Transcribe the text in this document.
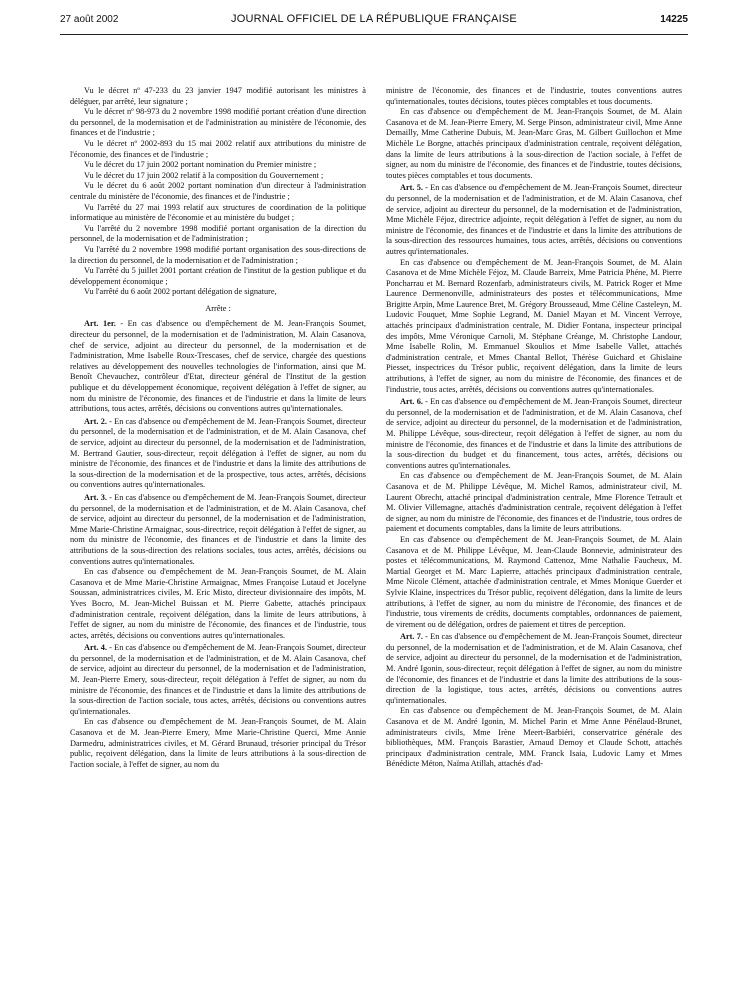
27 août 2002	JOURNAL OFFICIEL DE LA RÉPUBLIQUE FRANÇAISE	14225

Vu le décret nº 47-233 du 23 janvier 1947 modifié autorisant les ministres à déléguer, par arrêté, leur signature ;

Vu le décret nº 98-973 du 2 novembre 1998 modifié portant création d'une direction du personnel, de la modernisation et de l'administration au ministère de l'économie, des finances et de l'industrie ;

Vu le décret nº 2002-893 du 15 mai 2002 relatif aux attributions du ministre de l'économie, des finances et de l'industrie ;

Vu le décret du 17 juin 2002 portant nomination du Premier ministre ;

Vu le décret du 17 juin 2002 relatif à la composition du Gouvernement ;

Vu le décret du 6 août 2002 portant nomination d'un directeur à l'administration centrale du ministère de l'économie, des finances et de l'industrie ;

Vu l'arrêté du 27 mai 1993 relatif aux structures de coordination de la politique informatique au ministère de l'économie et au ministère du budget ;

Vu l'arrêté du 2 novembre 1998 modifié portant organisation de la direction du personnel, de la modernisation et de l'administration ;

Vu l'arrêté du 2 novembre 1998 modifié portant organisation des sous-directions de la direction du personnel, de la modernisation et de l'administration ;

Vu l'arrêté du 5 juillet 2001 portant création de l'institut de la gestion publique et du développement économique ;

Vu l'arrêté du 6 août 2002 portant délégation de signature,

Arrête :

Art. 1er. - En cas d'absence ou d'empêchement de M. Jean-François Soumet, directeur du personnel, de la modernisation et de l'administration, M. Alain Casanova, chef de service, adjoint au directeur du personnel, de la modernisation et de l'administration, Mme Isabelle Roux-Trescases, chef de service, chargée des questions relatives au développement des nouvelles technologies de l'information, ainsi que M. Benoît Chevauchez, contrôleur d'Etat, directeur général de l'Institut de la gestion publique et du développement économique, reçoivent délégation à l'effet de signer, au nom du ministre de l'économie, des finances et de l'industrie et dans la limite de leurs attributions, tous actes, arrêtés, décisions ou conventions autres qu'internationales.

Art. 2. - En cas d'absence ou d'empêchement de M. Jean-François Soumet, directeur du personnel, de la modernisation et de l'administration, et de M. Alain Casanova, chef de service, adjoint au directeur du personnel, de la modernisation et de l'administration, M. Bertrand Gautier, sous-directeur, reçoit délégation à l'effet de signer, au nom du ministre de l'économie, des finances et de l'industrie et dans la limite des attributions de la sous-direction de la modernisation et de la prospective, tous actes, arrêtés, décisions ou conventions autres qu'internationales.

Art. 3. - En cas d'absence ou d'empêchement de M. Jean-François Soumet, directeur du personnel, de la modernisation et de l'administration, et de M. Alain Casanova, chef de service, adjoint au directeur du personnel, de la modernisation et de l'administration, Mme Marie-Christine Armaignac, sous-directrice, reçoit délégation à l'effet de signer, au nom du ministre de l'économie, des finances et de l'industrie et dans la limite des attributions de la sous-direction des relations sociales, tous actes, arrêtés, décisions ou conventions autres qu'internationales.

En cas d'absence ou d'empêchement de M. Jean-François Soumet, de M. Alain Casanova et de Mme Marie-Christine Armaignac, Mmes Françoise Lutaud et Jocelyne Soussan, administratrices civiles, M. Eric Misto, directeur divisionnaire des impôts, M. Yves Bocro, M. Jean-Michel Buissan et M. Pierre Gabette, attachés principaux d'administration centrale, reçoivent délégation, dans la limite de leurs attributions, à l'effet de signer, au nom du ministre de l'économie, des finances et de l'industrie, tous actes, arrêtés, décisions ou conventions autres qu'internationales.

Art. 4. - En cas d'absence ou d'empêchement de M. Jean-François Soumet, directeur du personnel, de la modernisation et de l'administration, et de M. Alain Casanova, chef de service, adjoint au directeur du personnel, de la modernisation et de l'administration, M. Jean-Pierre Emery, sous-directeur, reçoit délégation à l'effet de signer, au nom du ministre de l'économie, des finances et de l'industrie et dans la limite des attributions de la sous-direction de l'action sociale, tous actes, arrêtés, décisions ou conventions autres qu'internationales.

En cas d'absence ou d'empêchement de M. Jean-François Soumet, de M. Alain Casanova et de M. Jean-Pierre Emery, Mme Marie-Christine Querci, Mme Annie Darmedru, administratrices civiles, et M. Gérard Brunaud, trésorier principal du Trésor public, reçoivent délégation, dans la limite de leurs attributions à la sous-direction de l'action sociale, à l'effet de signer, au nom du

ministre de l'économie, des finances et de l'industrie, toutes conventions autres qu'internationales, toutes décisions, toutes pièces comptables et tous documents.

En cas d'absence ou d'empêchement de M. Jean-François Soumet, de M. Alain Casanova et de M. Jean-Pierre Emery, M. Serge Pinson, administrateur civil, Mme Anne Demailly, Mme Catherine Dubuis, M. Jean-Marc Gras, M. Gilbert Guillochon et Mme Michèle Le Borgne, attachés principaux d'administration centrale, reçoivent délégation, dans la limite de leurs attributions à la sous-direction de l'action sociale, à l'effet de signer, au nom du ministre de l'économie, des finances et de l'industrie, toutes décisions, toutes pièces comptables et tous documents.

Art. 5. - En cas d'absence ou d'empêchement de M. Jean-François Soumet, directeur du personnel, de la modernisation et de l'administration, et de M. Alain Casanova, chef de service, adjoint au directeur du personnel, de la modernisation et de l'administration, Mme Michèle Féjoz, directrice adjointe, reçoit délégation à l'effet de signer, au nom du ministre de l'économie, des finances et de l'industrie et dans la limite des attributions de la sous-direction des ressources humaines, tous actes, arrêtés, décisions ou conventions autres qu'internationales.

En cas d'absence ou d'empêchement de M. Jean-François Soumet, de M. Alain Casanova et de Mme Michèle Féjoz, M. Claude Barreix, Mme Patricia Phéne, M. Pierre Poncharrau et M. Bernard Rozenfarb, administrateurs civils, M. Patrick Roger et Mme Laurence Dermenonville, administrateurs des postes et télécommunications, Mme Brigitte Arpin, Mme Laurence Bret, M. Grégory Brousseaud, Mme Céline Casteleyn, M. Ludovic Fouquet, Mme Sophie Legrand, M. Daniel Mayan et M. Vincent Verroye, attachés principaux d'administration centrale, M. Didier Fontana, inspecteur principal des impôts, Mme Véronique Carnoli, M. Stéphane Créange, M. Christophe Landour, Mme Isabelle Rolin, M. Emmanuel Skoulios et Mme Isabelle Vallet, attachés d'administration centrale, et Mmes Chantal Bellot, Thérèse Guichard et Ghislaine Piesset, inspectrices du Trésor public, reçoivent délégation, dans la limite de leurs attributions, à l'effet de signer, au nom du ministre de l'économie, des finances et de l'industrie, tous actes, arrêtés, décisions ou conventions autres qu'internationales.

Art. 6. - En cas d'absence ou d'empêchement de M. Jean-François Soumet, directeur du personnel, de la modernisation et de l'administration, et de M. Alain Casanova, chef de service, adjoint au directeur du personnel, de la modernisation et de l'administration, M. Philippe Lévêque, sous-directeur, reçoit délégation à l'effet de signer, au nom du ministre de l'économie, des finances et de l'industrie et dans la limite des attributions de la sous-direction du budget et du financement, tous actes, arrêtés, décisions ou conventions autres qu'internationales.

En cas d'absence ou d'empêchement de M. Jean-François Soumet, de M. Alain Casanova et de M. Philippe Lévêque, M. Michel Ramos, administrateur civil, M. Laurent Obrecht, attaché principal d'administration centrale, Mme Florence Tetrault et M. Olivier Villemagne, attachés d'administration centrale, reçoivent délégation à l'effet de signer, au nom du ministre de l'économie, des finances et de l'industrie, tous ordres de paiement et documents comptables, dans la limite de leurs attributions.

En cas d'absence ou d'empêchement de M. Jean-François Soumet, de M. Alain Casanova et de M. Philippe Lévêque, M. Jean-Claude Bonnevie, administrateur des postes et télécommunications, M. Raymond Cattenoz, Mme Nathalie Faucheux, M. Martial Georget et M. Marc Lapierre, attachés principaux d'administration centrale, Mme Nicole Clément, attachée d'administration centrale, et Mmes Monique Guerder et Sylvie Klaine, inspectrices du Trésor public, reçoivent délégation, dans la limite de leurs attributions, à l'effet de signer, au nom du ministre de l'économie, des finances et de l'industrie, tous virements de crédits, documents comptables, ordonnances de paiement, de virement ou de délégation, ordres de paiement et titres de perception.

Art. 7. - En cas d'absence ou d'empêchement de M. Jean-François Soumet, directeur du personnel, de la modernisation et de l'administration, et de M. Alain Casanova, chef de service, adjoint au directeur du personnel, de la modernisation et de l'administration, M. André Igonin, sous-directeur, reçoit délégation à l'effet de signer, au nom du ministre de l'économie, des finances et de l'industrie et dans la limite des attributions de la sous-direction de la logistique, tous actes, arrêtés, décisions ou conventions autres qu'internationales.

En cas d'absence ou d'empêchement de M. Jean-François Soumet, de M. Alain Casanova et de M. André Igonin, M. Michel Parin et Mme Anne Pénélaud-Brunet, administrateurs civils, Mme Irène Meert-Barbiéri, conservatrice générale des bibliothèques, MM. François Barastier, Arnaud Demoy et Claude Schott, attachés principaux d'administration centrale, MM. Franck Isaia, Ludovic Lamy et Mmes Bénédicte Méton, Naïma Atillah, attachés d'ad-
